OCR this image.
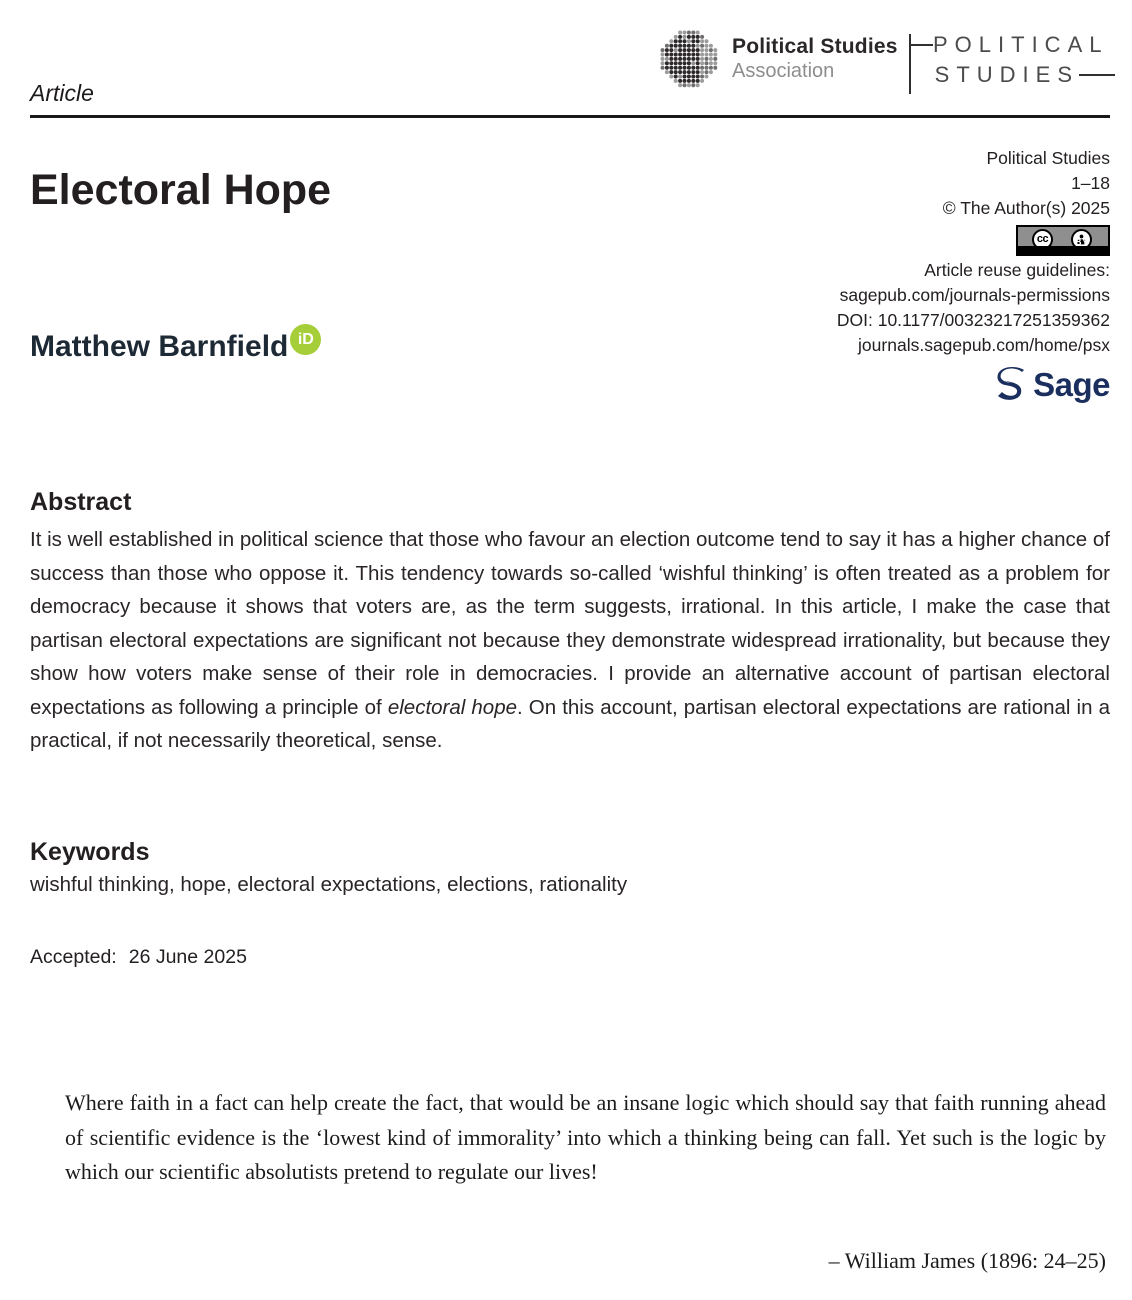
Political Studies
Association
POLITICAL
STUDIES
Article
Political Studies
1–18
© The Author(s) 2025
cc	BY
Article reuse guidelines:
sagepub.com/journals-permissions
DOI: 10.1177/00323217251359362
journals.sagepub.com/home/psx
Sage
Electoral Hope
Matthew Barnfield iD
Abstract

It is well established in political science that those who favour an election outcome tend to say it has a higher chance of success than those who oppose it. This tendency towards so-called ‘wishful thinking’ is often treated as a problem for democracy because it shows that voters are, as the term suggests, irrational. In this article, I make the case that partisan electoral expectations are significant not because they demonstrate widespread irrationality, but because they show how voters make sense of their role in democracies. I provide an alternative account of partisan electoral expectations as following a principle of electoral hope. On this account, partisan electoral expectations are rational in a practical, if not necessarily theoretical, sense.

Keywords

wishful thinking, hope, electoral expectations, elections, rationality

Accepted: 26 June 2025
Where faith in a fact can help create the fact, that would be an insane logic which should say that faith running ahead of scientific evidence is the ‘lowest kind of immorality’ into which a thinking being can fall. Yet such is the logic by which our scientific absolutists pretend to regulate our lives!
– William James (1896: 24–25)
